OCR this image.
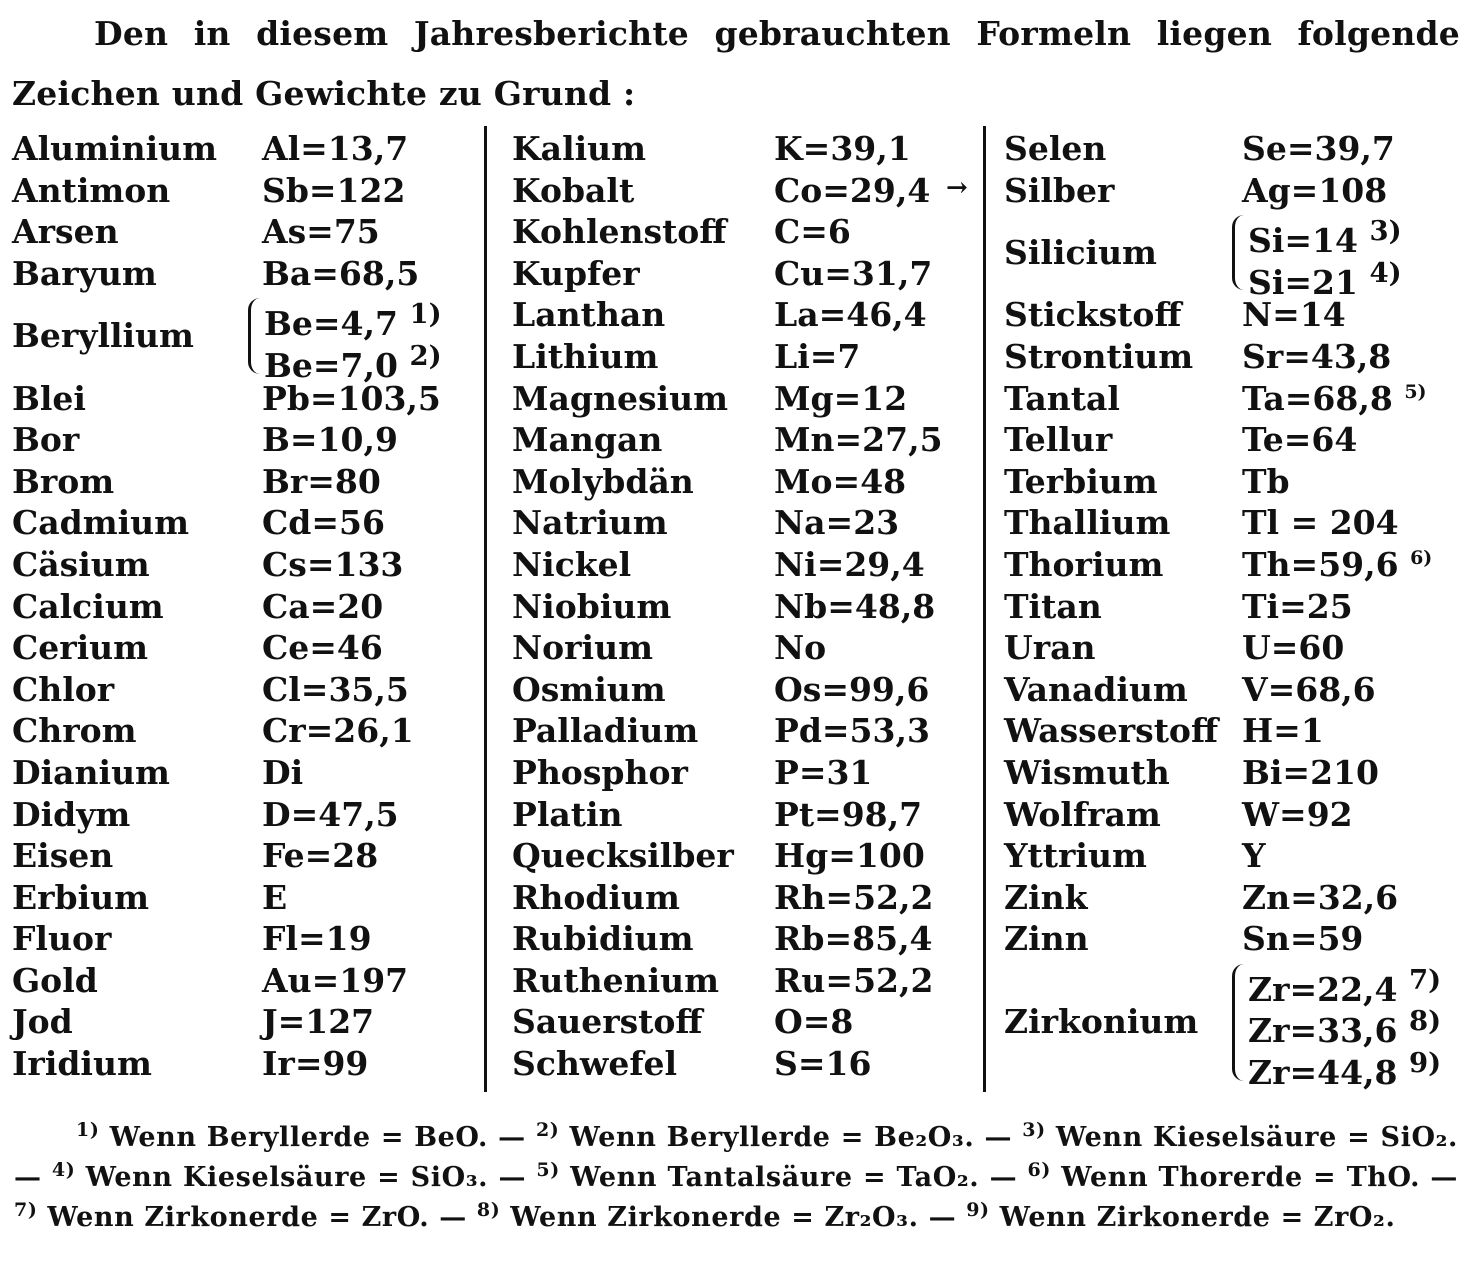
Den in diesem Jahresberichte gebrauchten Formeln liegen folgende Zeichen und Gewichte zu Grund :
Aluminium Al=13,7
Antimon	Sb=122
Arsen	As=75
Baryum	Ba=68,5
Beryllium Be=4,7 $^{1)}$
Be=7,0 $^{2)}$
Blei	Pb=103,5
Bor	B=10,9
Brom	Br=80
Cadmium Cd=56
Cäsium	Cs=133
Calcium	Ca=20
Cerium	Ce=46
Chlor	Cl=35,5
Chrom	Cr=26,1
Dianium	Di
Didym	D=47,5
Eisen	Fe=28
Erbium	E
Fluor	Fl=19
Gold	Au=197
Jod	J=127
Iridium	Ir=99
Kalium	K=39,1
Kobalt	Co=29,4
Kohlenstoff C=6
Kupfer	Cu=31,7
Lanthan	La=46,4
Lithium	Li=7
Magnesium Mg=12
Mangan	Mn=27,5
Molybdän Mo=48
Natrium	Na=23
Nickel	Ni=29,4
Niobium	Nb=48,8
Norium	No
Osmium	Os=99,6
Palladium Pd=53,3
Phosphor	P=31
Platin	Pt=98,7
Quecksilber Hg=100
Rhodium	Rh=52,2
Rubidium Rb=85,4
Ruthenium Ru=52,2
Sauerstoff O=8
Schwefel	S=16
Selen	Se=39,7
Silber	Ag=108
Silicium	Si=14 $^{3)}$
Si=21 $^{4)}$
Stickstoff N=14
Strontium Sr=43,8
Tantal	Ta=68,8 $^{5)}$
Tellur	Te=64
Terbium	Tb
Thallium Tl = 204
Thorium Th=59,6 $^{6)}$
Titan	Ti=25
Uran	U=60
Vanadium V=68,6
Wasserstoff H=1
Wismuth Bi=210
Wolfram W=92
Yttrium	Y
Zink	Zn=32,6
Zinn	Sn=59
Zirkonium
Zr=22,4 $^{7)}$
Zr=33,6 $^{8)}$
Zr=44,8 $^{9)}$
→
$^{1)}$ Wenn Beryllerde = BeO. — $^{2)}$ Wenn Beryllerde = Be₂O₃. — $^{3)}$ Wenn Kieselsäure = SiO₂. — $^{4)}$ Wenn Kieselsäure = SiO₃. — $^{5)}$ Wenn Tantalsäure = TaO₂. — $^{6)}$ Wenn Thorerde = ThO. — $^{7)}$ Wenn Zirkonerde = ZrO. — $^{8)}$ Wenn Zirkonerde = Zr₂O₃. — $^{9)}$ Wenn Zirkonerde = ZrO₂.
